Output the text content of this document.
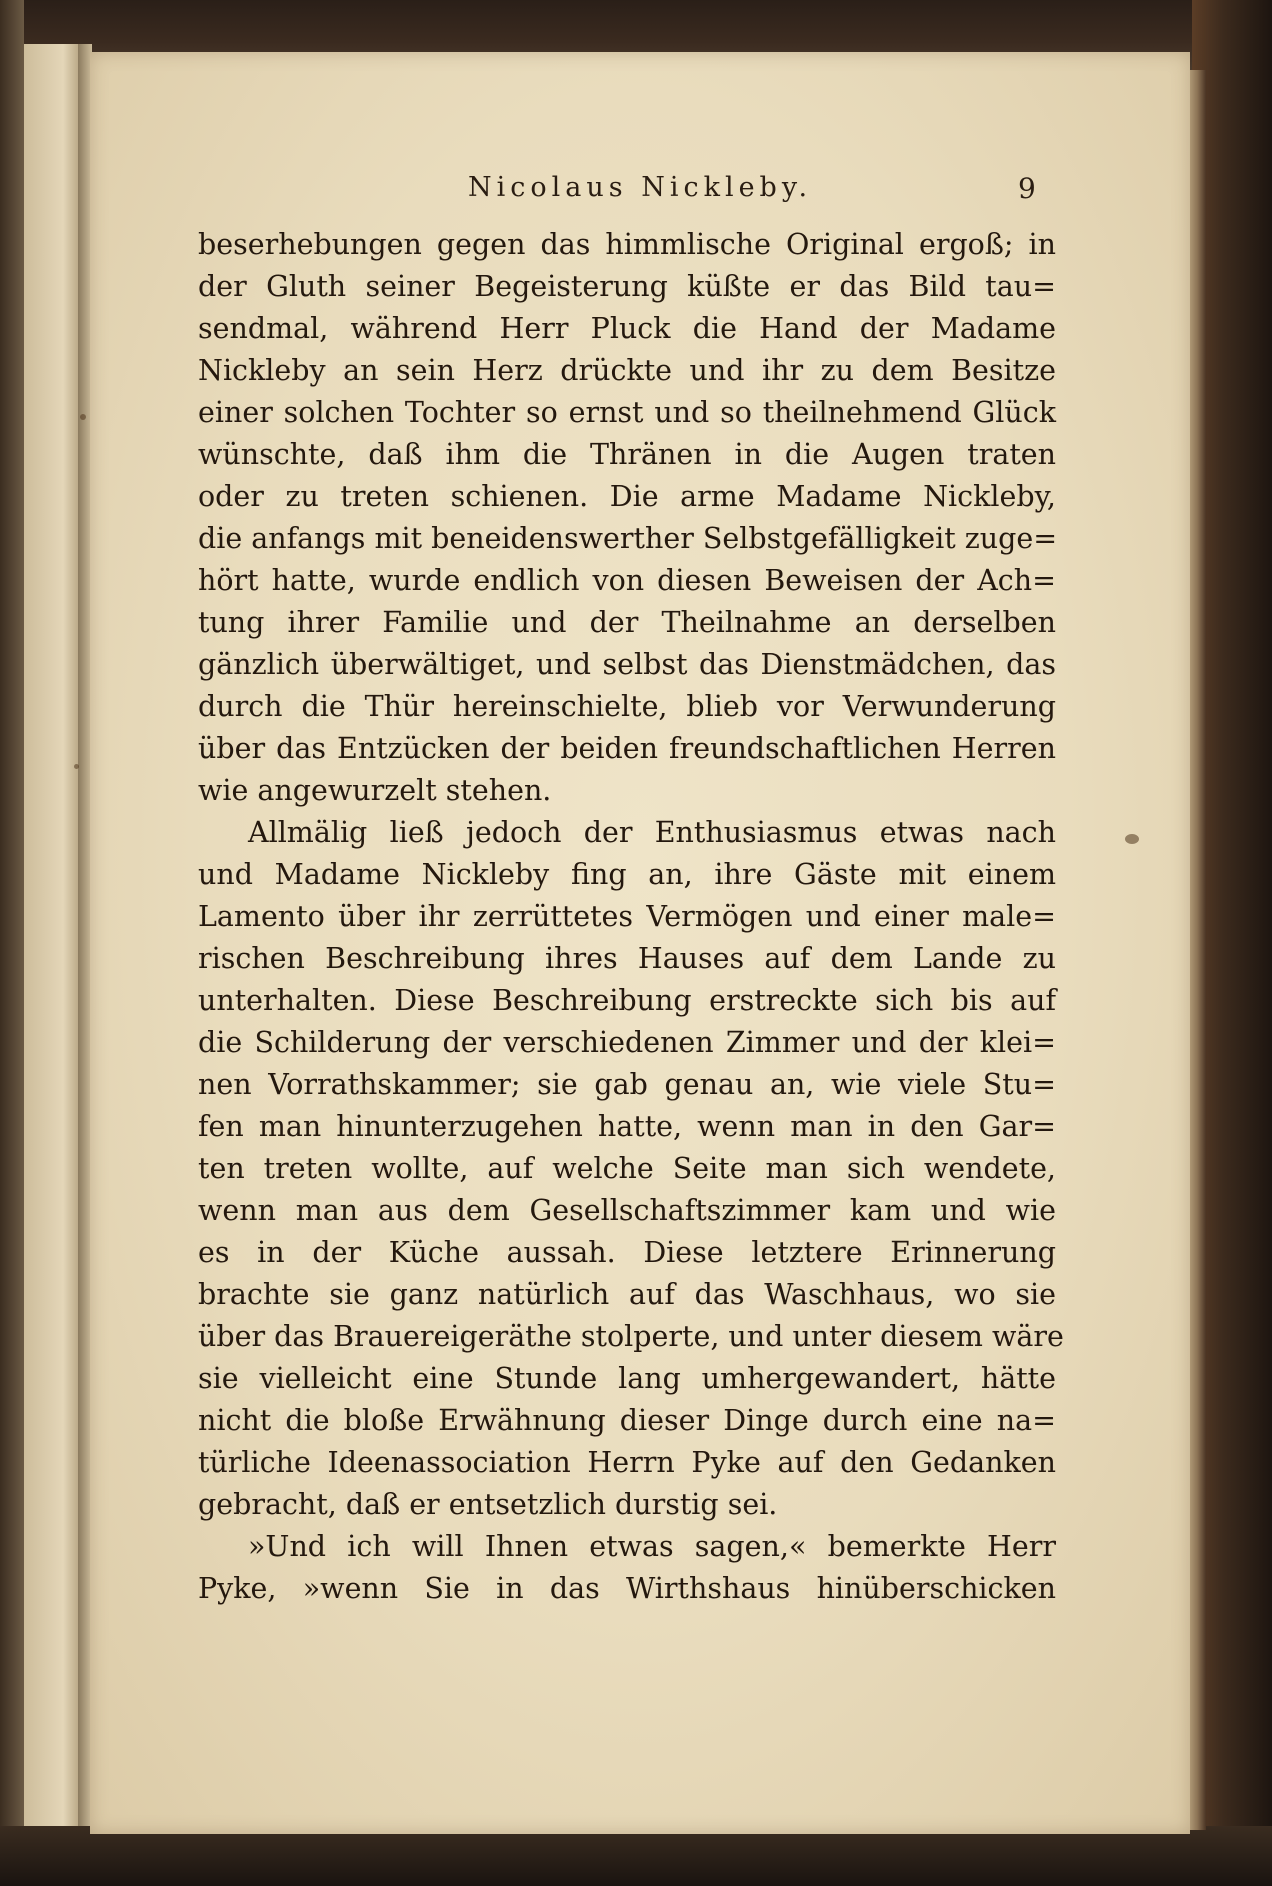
Nicolaus Nickleby.	9
beserhebungen gegen das himmlische Original ergoß; in
der Gluth seiner Begeisterung küßte er das Bild tau=
sendmal, während Herr Pluck die Hand der Madame
Nickleby an sein Herz drückte und ihr zu dem Besitze
einer solchen Tochter so ernst und so theilnehmend Glück
wünschte, daß ihm die Thränen in die Augen traten
oder zu treten schienen. Die arme Madame Nickleby,
die anfangs mit beneidenswerther Selbstgefälligkeit zuge=
hört hatte, wurde endlich von diesen Beweisen der Ach=
tung ihrer Familie und der Theilnahme an derselben
gänzlich überwältiget, und selbst das Dienstmädchen, das
durch die Thür hereinschielte, blieb vor Verwunderung
über das Entzücken der beiden freundschaftlichen Herren
wie angewurzelt stehen.
Allmälig ließ jedoch der Enthusiasmus etwas nach
und Madame Nickleby fing an, ihre Gäste mit einem
Lamento über ihr zerrüttetes Vermögen und einer male=
rischen Beschreibung ihres Hauses auf dem Lande zu
unterhalten. Diese Beschreibung erstreckte sich bis auf
die Schilderung der verschiedenen Zimmer und der klei=
nen Vorrathskammer; sie gab genau an, wie viele Stu=
fen man hinunterzugehen hatte, wenn man in den Gar=
ten treten wollte, auf welche Seite man sich wendete,
wenn man aus dem Gesellschaftszimmer kam und wie
es in der Küche aussah. Diese letztere Erinnerung
brachte sie ganz natürlich auf das Waschhaus, wo sie
über das Brauereigeräthe stolperte, und unter diesem wäre
sie vielleicht eine Stunde lang umhergewandert, hätte
nicht die bloße Erwähnung dieser Dinge durch eine na=
türliche Ideenassociation Herrn Pyke auf den Gedanken
gebracht, daß er entsetzlich durstig sei.
»Und ich will Ihnen etwas sagen,« bemerkte Herr
Pyke, »wenn Sie in das Wirthshaus hinüberschicken
